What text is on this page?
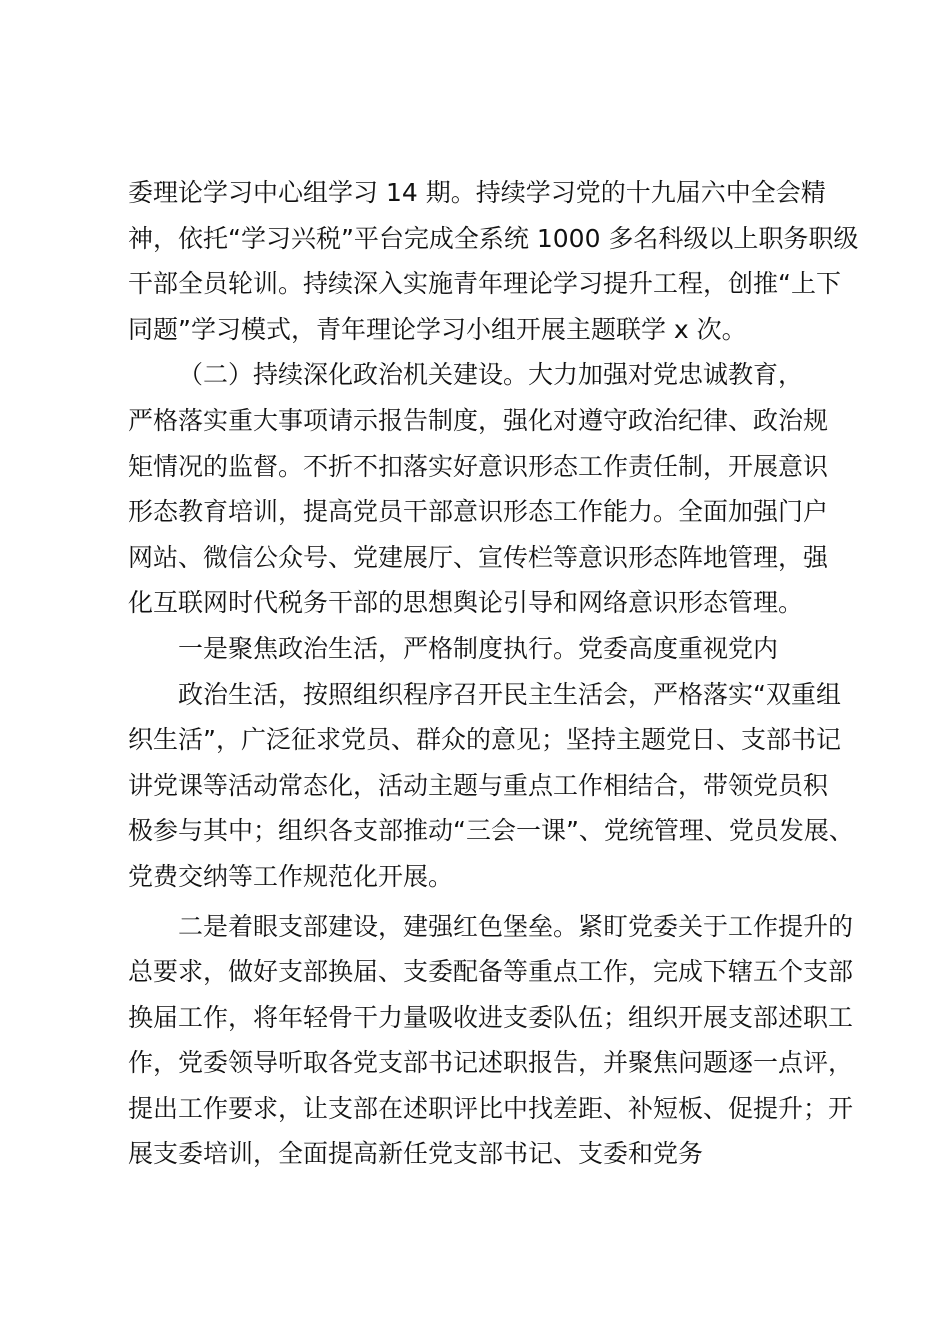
委理论学习中心组学习 14 期。持续学习党的十九届六中全会精
神，依托“学习兴税”平台完成全系统 1000 多名科级以上职务职级
干部全员轮训。持续深入实施青年理论学习提升工程，创推“上下
同题”学习模式，青年理论学习小组开展主题联学 x 次。
（二）持续深化政治机关建设。大力加强对党忠诚教育，
严格落实重大事项请示报告制度，强化对遵守政治纪律、政治规
矩情况的监督。不折不扣落实好意识形态工作责任制，开展意识
形态教育培训，提高党员干部意识形态工作能力。全面加强门户
网站、微信公众号、党建展厅、宣传栏等意识形态阵地管理，强
化互联网时代税务干部的思想舆论引导和网络意识形态管理。
一是聚焦政治生活，严格制度执行。党委高度重视党内
政治生活，按照组织程序召开民主生活会，严格落实“双重组
织生活”，广泛征求党员、群众的意见；坚持主题党日、支部书记
讲党课等活动常态化，活动主题与重点工作相结合，带领党员积
极参与其中；组织各支部推动“三会一课”、党统管理、党员发展、
党费交纳等工作规范化开展。
二是着眼支部建设，建强红色堡垒。紧盯党委关于工作提升的
总要求，做好支部换届、支委配备等重点工作，完成下辖五个支部
换届工作，将年轻骨干力量吸收进支委队伍；组织开展支部述职工
作，党委领导听取各党支部书记述职报告，并聚焦问题逐一点评，
提出工作要求，让支部在述职评比中找差距、补短板、促提升；开
展支委培训，全面提高新任党支部书记、支委和党务
